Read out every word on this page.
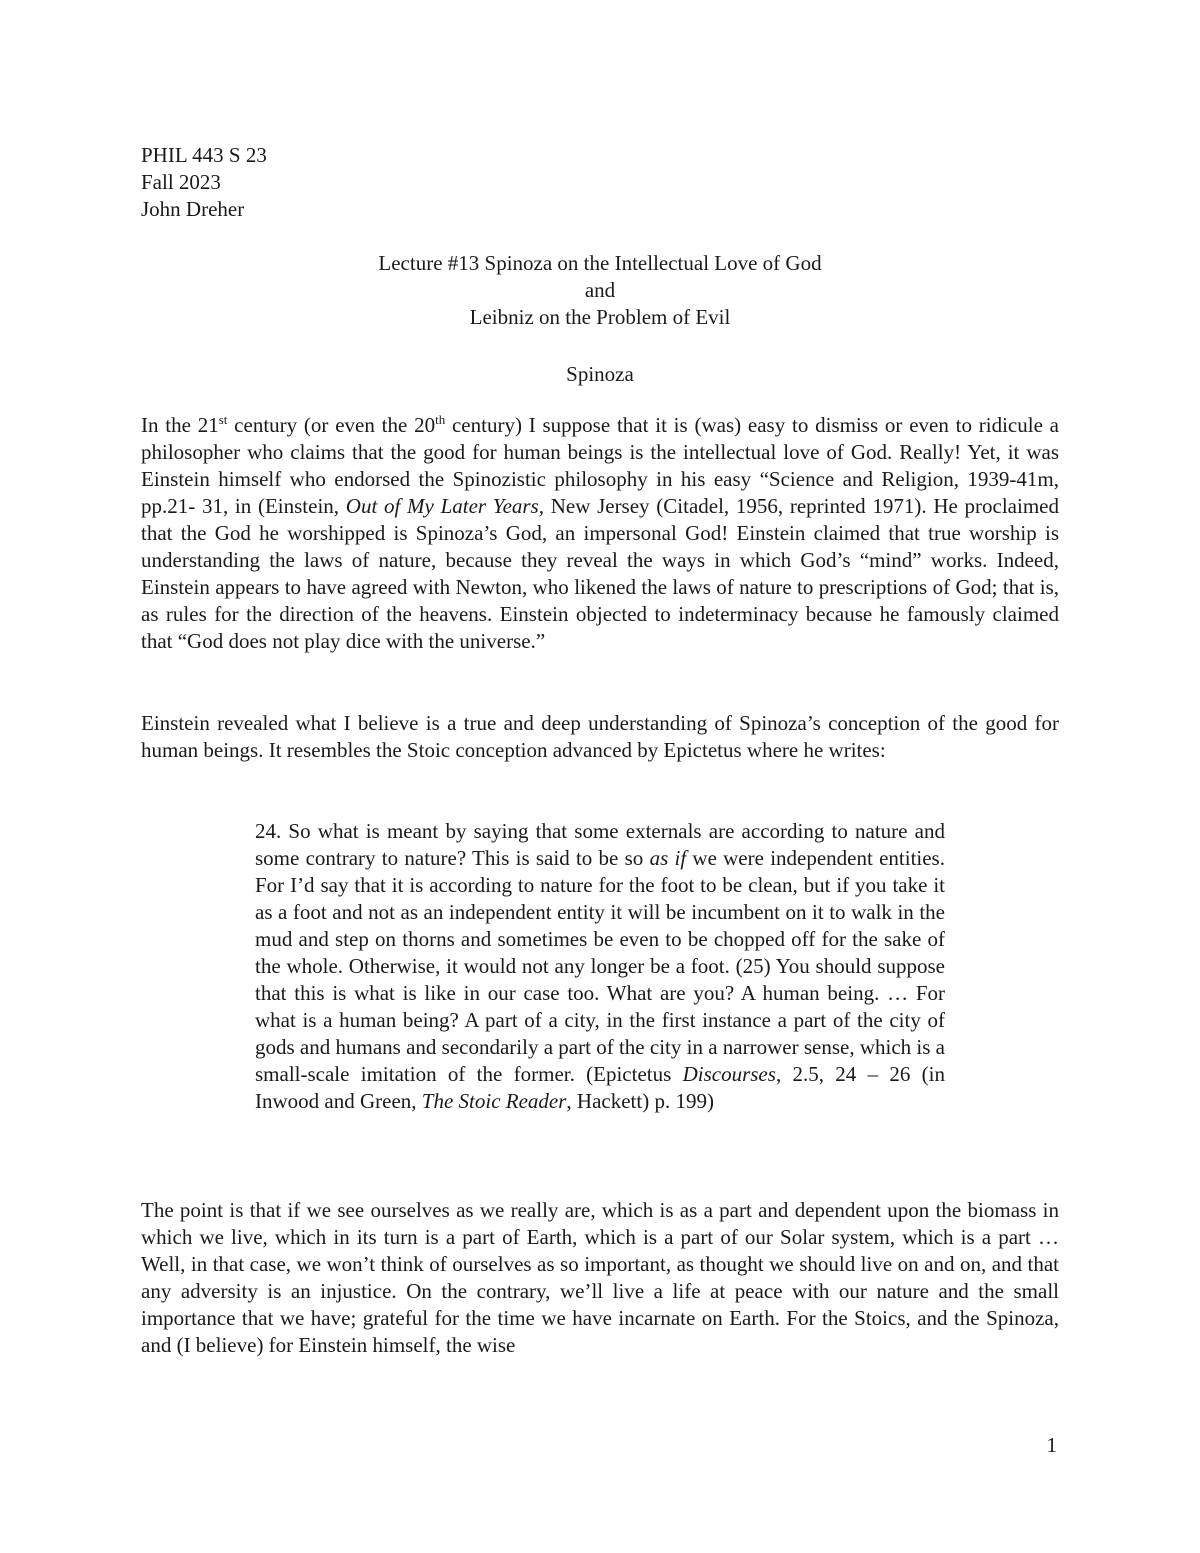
PHIL 443 S 23
Fall 2023
John Dreher
Lecture #13 Spinoza on the Intellectual Love of God
and
Leibniz on the Problem of Evil
Spinoza

In the 21st century (or even the 20th century) I suppose that it is (was) easy to dismiss or even to ridicule a philosopher who claims that the good for human beings is the intellectual love of God. Really! Yet, it was Einstein himself who endorsed the Spinozistic philosophy in his easy “Science and Religion, 1939-41m, pp.21- 31, in (Einstein, Out of My Later Years, New Jersey (Citadel, 1956, reprinted 1971). He proclaimed that the God he worshipped is Spinoza’s God, an impersonal God! Einstein claimed that true worship is understanding the laws of nature, because they reveal the ways in which God’s “mind” works. Indeed, Einstein appears to have agreed with Newton, who likened the laws of nature to prescriptions of God; that is, as rules for the direction of the heavens. Einstein objected to indeterminacy because he famously claimed that “God does not play dice with the universe.”

Einstein revealed what I believe is a true and deep understanding of Spinoza’s conception of the good for human beings. It resembles the Stoic conception advanced by Epictetus where he writes:

24. So what is meant by saying that some externals are according to nature and some contrary to nature? This is said to be so as if we were independent entities. For I’d say that it is according to nature for the foot to be clean, but if you take it as a foot and not as an independent entity it will be incumbent on it to walk in the mud and step on thorns and sometimes be even to be chopped off for the sake of the whole. Otherwise, it would not any longer be a foot. (25) You should suppose that this is what is like in our case too. What are you? A human being. … For what is a human being? A part of a city, in the first instance a part of the city of gods and humans and secondarily a part of the city in a narrower sense, which is a small-scale imitation of the former. (Epictetus Discourses, 2.5, 24 – 26 (in Inwood and Green, The Stoic Reader, Hackett) p. 199)

The point is that if we see ourselves as we really are, which is as a part and dependent upon the biomass in which we live, which in its turn is a part of Earth, which is a part of our Solar system, which is a part … Well, in that case, we won’t think of ourselves as so important, as thought we should live on and on, and that any adversity is an injustice. On the contrary, we’ll live a life at peace with our nature and the small importance that we have; grateful for the time we have incarnate on Earth. For the Stoics, and the Spinoza, and (I believe) for Einstein himself, the wise

1
